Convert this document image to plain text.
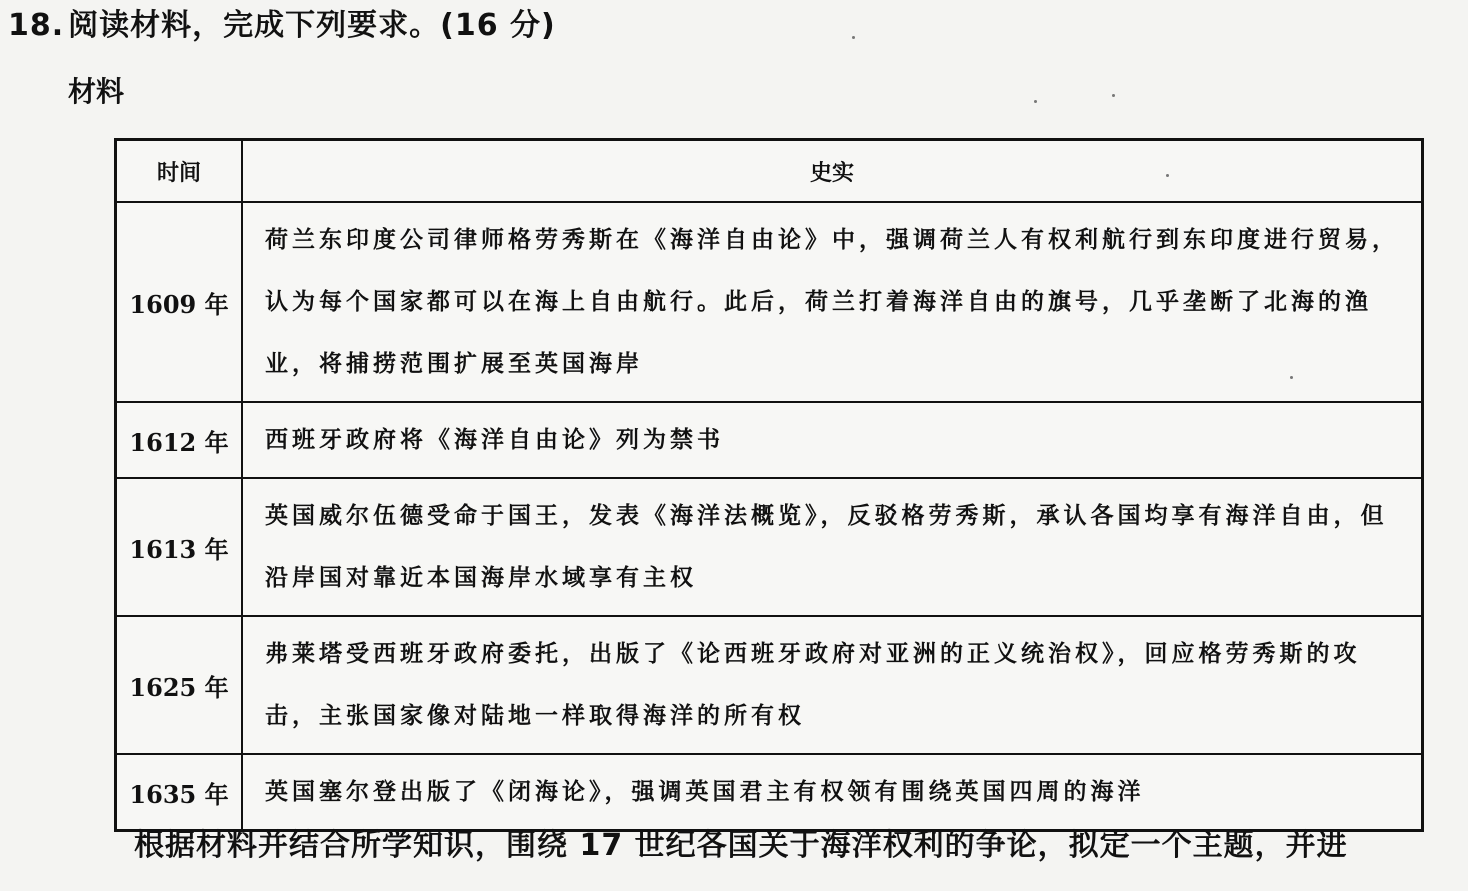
18. 阅读材料，完成下列要求。(16 分)
材料
时间	史实
1609 年	荷兰东印度公司律师格劳秀斯在《海洋自由论》中，强调荷兰人有权利航行到东印度进行贸易，认为每个国家都可以在海上自由航行。此后，荷兰打着海洋自由的旗号，几乎垄断了北海的渔业，将捕捞范围扩展至英国海岸
1612 年	西班牙政府将《海洋自由论》列为禁书
1613 年	英国威尔伍德受命于国王，发表《海洋法概览》，反驳格劳秀斯，承认各国均享有海洋自由，但沿岸国对靠近本国海岸水域享有主权
1625 年	弗莱塔受西班牙政府委托，出版了《论西班牙政府对亚洲的正义统治权》，回应格劳秀斯的攻击，主张国家像对陆地一样取得海洋的所有权
1635 年	英国塞尔登出版了《闭海论》，强调英国君主有权领有围绕英国四周的海洋
根据材料并结合所学知识，围绕 17 世纪各国关于海洋权利的争论，拟定一个主题，并进
